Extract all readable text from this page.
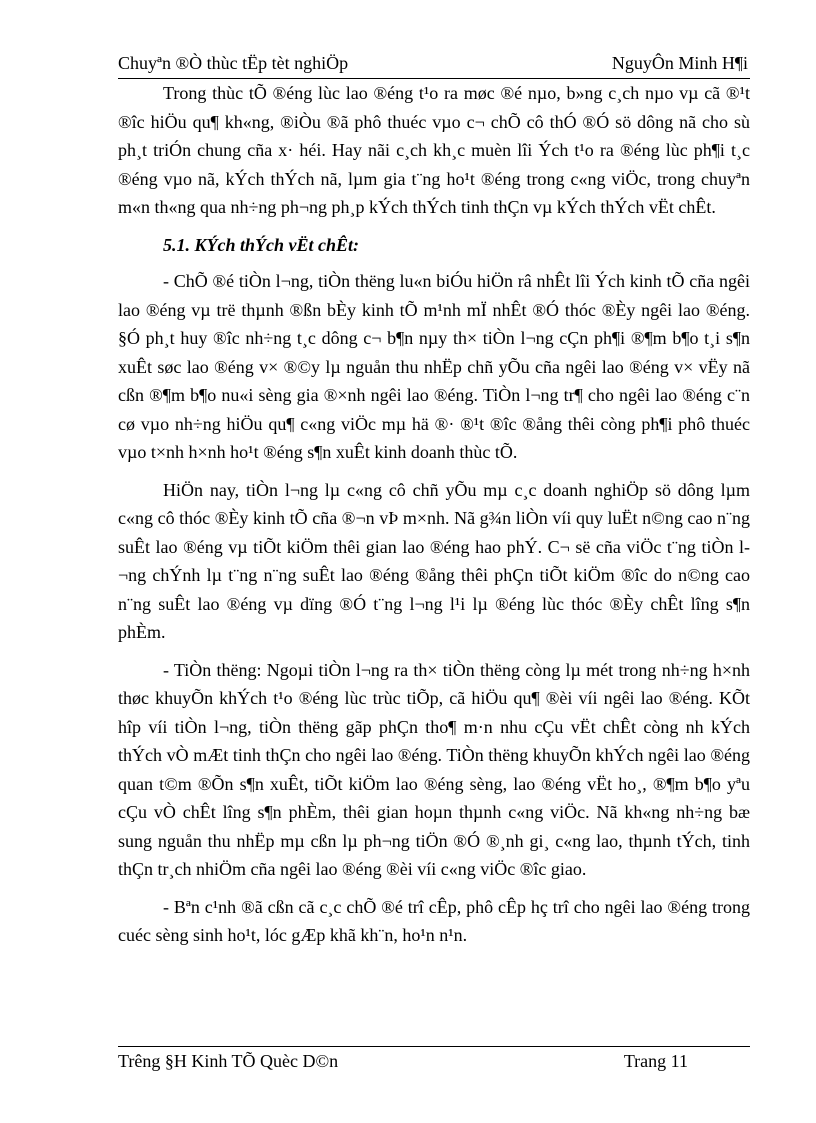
Chuyªn ®Ò thùc tËp tèt nghiÖp	NguyÔn Minh H¶i

Trong thùc tÕ ®éng lùc lao ®éng t¹o ra møc ®é nµo, b»ng c¸ch nµo vµ cã ®¹t ®îc hiÖu qu¶ kh«ng, ®iÒu ®ã phô thuéc vµo c¬ chÕ cô thÓ ®Ó sö dông nã cho sù ph¸t triÓn chung cña x· héi. Hay nãi c¸ch kh¸c muèn lîi Ých t¹o ra ®éng lùc ph¶i t¸c ®éng vµo nã, kÝch thÝch nã, lµm gia t¨ng ho¹t ®éng trong c«ng viÖc, trong chuyªn m«n th«ng qua nh÷ng ph¬ng ph¸p kÝch thÝch tinh thÇn vµ kÝch thÝch vËt chÊt.

5.1. KÝch thÝch vËt chÊt:

- ChÕ ®é tiÒn l¬ng, tiÒn thëng lu«n biÓu hiÖn râ nhÊt lîi Ých kinh tÕ cña ngêi lao ®éng vµ trë thµnh ®ßn bÈy kinh tÕ m¹nh mÏ nhÊt ®Ó thóc ®Èy ngêi lao ®éng. §Ó ph¸t huy ®îc nh÷ng t¸c dông c¬ b¶n nµy th× tiÒn l¬ng cÇn ph¶i ®¶m b¶o t¸i s¶n xuÊt søc lao ®éng v× ®©y lµ nguån thu nhËp chñ yÕu cña ngêi lao ®éng v× vËy nã cßn ®¶m b¶o nu«i sèng gia ®×nh ngêi lao ®éng. TiÒn l¬ng tr¶ cho ngêi lao ®éng c¨n cø vµo nh÷ng hiÖu qu¶ c«ng viÖc mµ hä ®· ®¹t ®îc ®ång thêi còng ph¶i phô thuéc vµo t×nh h×nh ho¹t ®éng s¶n xuÊt kinh doanh thùc tÕ.

HiÖn nay, tiÒn l¬ng lµ c«ng cô chñ yÕu mµ c¸c doanh nghiÖp sö dông lµm c«ng cô thóc ®Èy kinh tÕ cña ®¬n vÞ m×nh. Nã g¾n liÒn víi quy luËt n©ng cao n¨ng suÊt lao ®éng vµ tiÕt kiÖm thêi gian lao ®éng hao phÝ. C¬ së cña viÖc t¨ng tiÒn l¬ng chÝnh lµ t¨ng n¨ng suÊt lao ®éng ®ång thêi phÇn tiÕt kiÖm ®îc do n©ng cao n¨ng suÊt lao ®éng vµ dïng ®Ó t¨ng l¬ng l¹i lµ ®éng lùc thóc ®Èy chÊt lîng s¶n phÈm.

- TiÒn thëng: Ngoµi tiÒn l¬ng ra th× tiÒn thëng còng lµ mét trong nh÷ng h×nh thøc khuyÕn khÝch t¹o ®éng lùc trùc tiÕp, cã hiÖu qu¶ ®èi víi ngêi lao ®éng. KÕt hîp víi tiÒn l¬ng, tiÒn thëng gãp phÇn tho¶ m·n nhu cÇu vËt chÊt còng nh kÝch thÝch vÒ mÆt tinh thÇn cho ngêi lao ®éng. TiÒn thëng khuyÕn khÝch ngêi lao ®éng quan t©m ®Õn s¶n xuÊt, tiÕt kiÖm lao ®éng sèng, lao ®éng vËt ho¸, ®¶m b¶o yªu cÇu vÒ chÊt lîng s¶n phÈm, thêi gian hoµn thµnh c«ng viÖc. Nã kh«ng nh÷ng bæ sung nguån thu nhËp mµ cßn lµ ph¬ng tiÖn ®Ó ®¸nh gi¸ c«ng lao, thµnh tÝch, tinh thÇn tr¸ch nhiÖm cña ngêi lao ®éng ®èi víi c«ng viÖc ®îc giao.

- Bªn c¹nh ®ã cßn cã c¸c chÕ ®é trî cÊp, phô cÊp hç trî cho ngêi lao ®éng trong cuéc sèng sinh ho¹t, lóc gÆp khã kh¨n, ho¹n n¹n.

Trêng §H Kinh TÕ Quèc D©n	Trang 11
